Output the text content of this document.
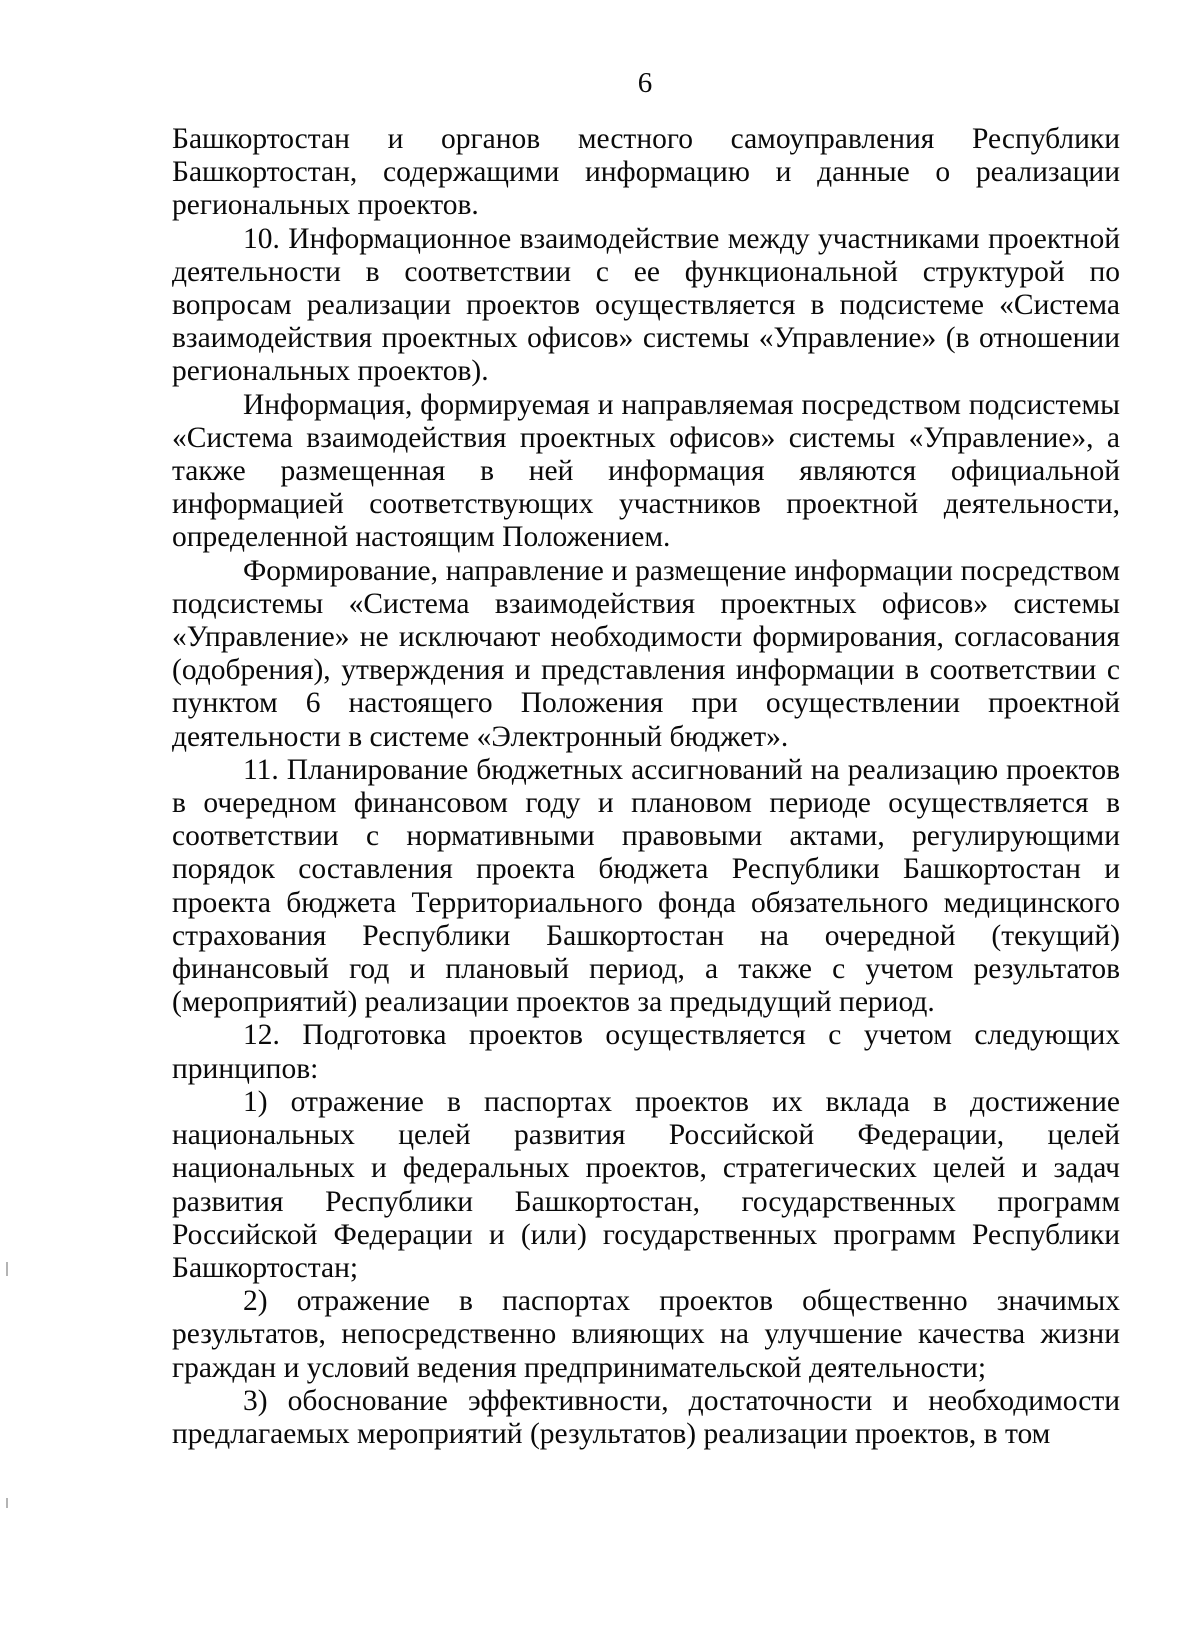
6

Башкортостан и органов местного самоуправления Республики Башкортостан, содержащими информацию и данные о реализации региональных проектов.

10. Информационное взаимодействие между участниками проектной деятельности в соответствии с ее функциональной структурой по вопросам реализации проектов осуществляется в подсистеме «Система взаимодействия проектных офисов» системы «Управление» (в отношении региональных проектов).

Информация, формируемая и направляемая посредством подсистемы «Система взаимодействия проектных офисов» системы «Управление», а также размещенная в ней информация являются официальной информацией соответствующих участников проектной деятельности, определенной настоящим Положением.

Формирование, направление и размещение информации посредством подсистемы «Система взаимодействия проектных офисов» системы «Управление» не исключают необходимости формирования, согласования (одобрения), утверждения и представления информации в соответствии с пунктом 6 настоящего Положения при осуществлении проектной деятельности в системе «Электронный бюджет».

11. Планирование бюджетных ассигнований на реализацию проектов в очередном финансовом году и плановом периоде осуществляется в соответствии с нормативными правовыми актами, регулирующими порядок составления проекта бюджета Республики Башкортостан и проекта бюджета Территориального фонда обязательного медицинского страхования Республики Башкортостан на очередной (текущий) финансовый год и плановый период, а также с учетом результатов (мероприятий) реализации проектов за предыдущий период.

12. Подготовка проектов осуществляется с учетом следующих принципов:

1) отражение в паспортах проектов их вклада в достижение национальных целей развития Российской Федерации, целей национальных и федеральных проектов, стратегических целей и задач развития Республики Башкортостан, государственных программ Российской Федерации и (или) государственных программ Республики Башкортостан;

2) отражение в паспортах проектов общественно значимых результатов, непосредственно влияющих на улучшение качества жизни граждан и условий ведения предпринимательской деятельности;

3) обоснование эффективности, достаточности и необходимости предлагаемых мероприятий (результатов) реализации проектов, в том
